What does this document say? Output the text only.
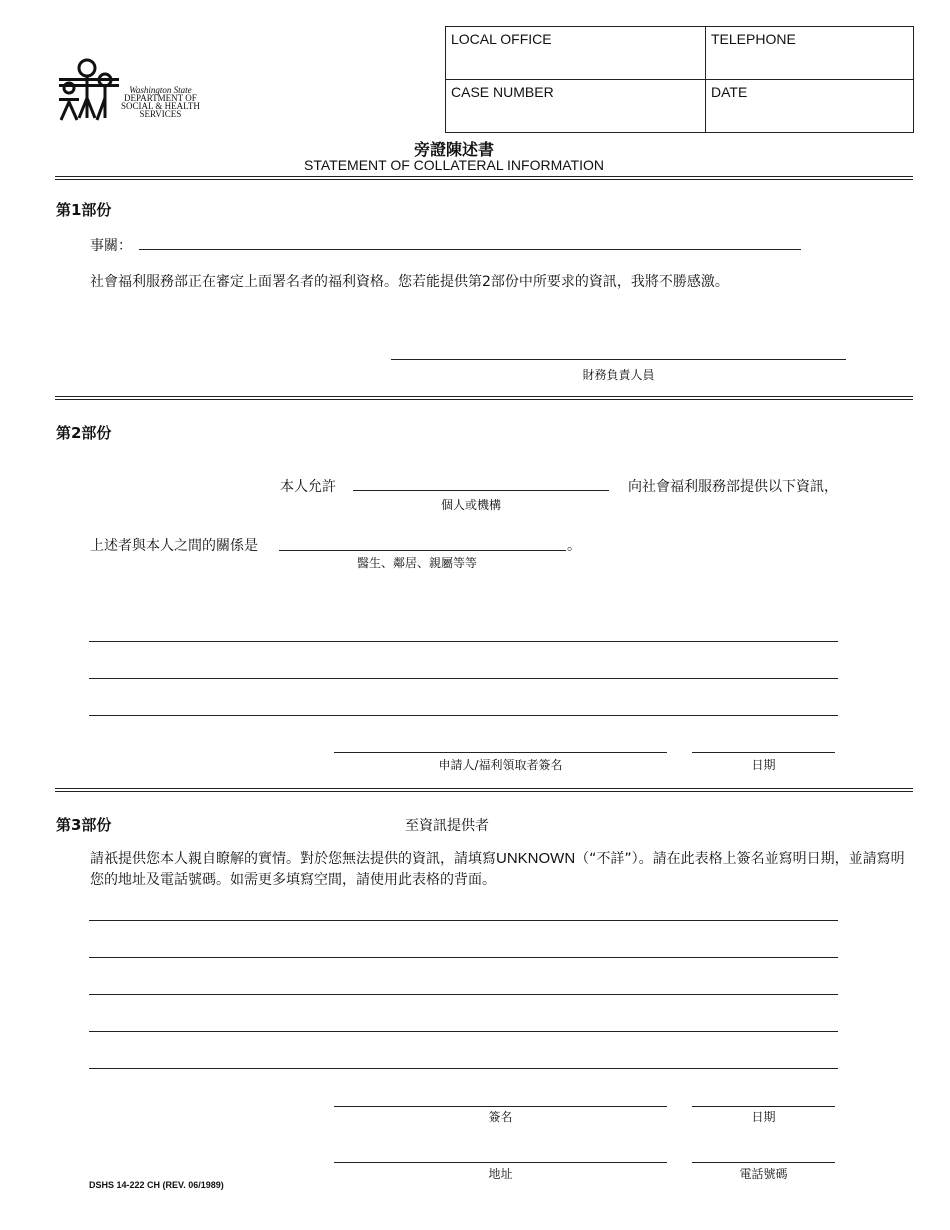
Washington State
DEPARTMENT OF
SOCIAL & HEALTH
SERVICES
LOCAL OFFICE	TELEPHONE
CASE NUMBER	DATE
旁證陳述書
STATEMENT OF COLLATERAL INFORMATION
第1部份
事關：
社會福利服務部正在審定上面署名者的福利資格。您若能提供第2部份中所要求的資訊，我將不勝感激。
財務負責人員
第2部份
本人允許
個人或機構
向社會福利服務部提供以下資訊，
上述者與本人之間的關係是	。
醫生、鄰居、親屬等等
申請人/福利領取者簽名	日期
第3部份	至資訊提供者
請祇提供您本人親自瞭解的實情。對於您無法提供的資訊，請填寫UNKNOWN（“不詳”）。請在此表格上簽名並寫明日期，並請寫明您的地址及電話號碼。如需更多填寫空間，請使用此表格的背面。
簽名	日期
地址	電話號碼
DSHS 14-222 CH (REV. 06/1989)
